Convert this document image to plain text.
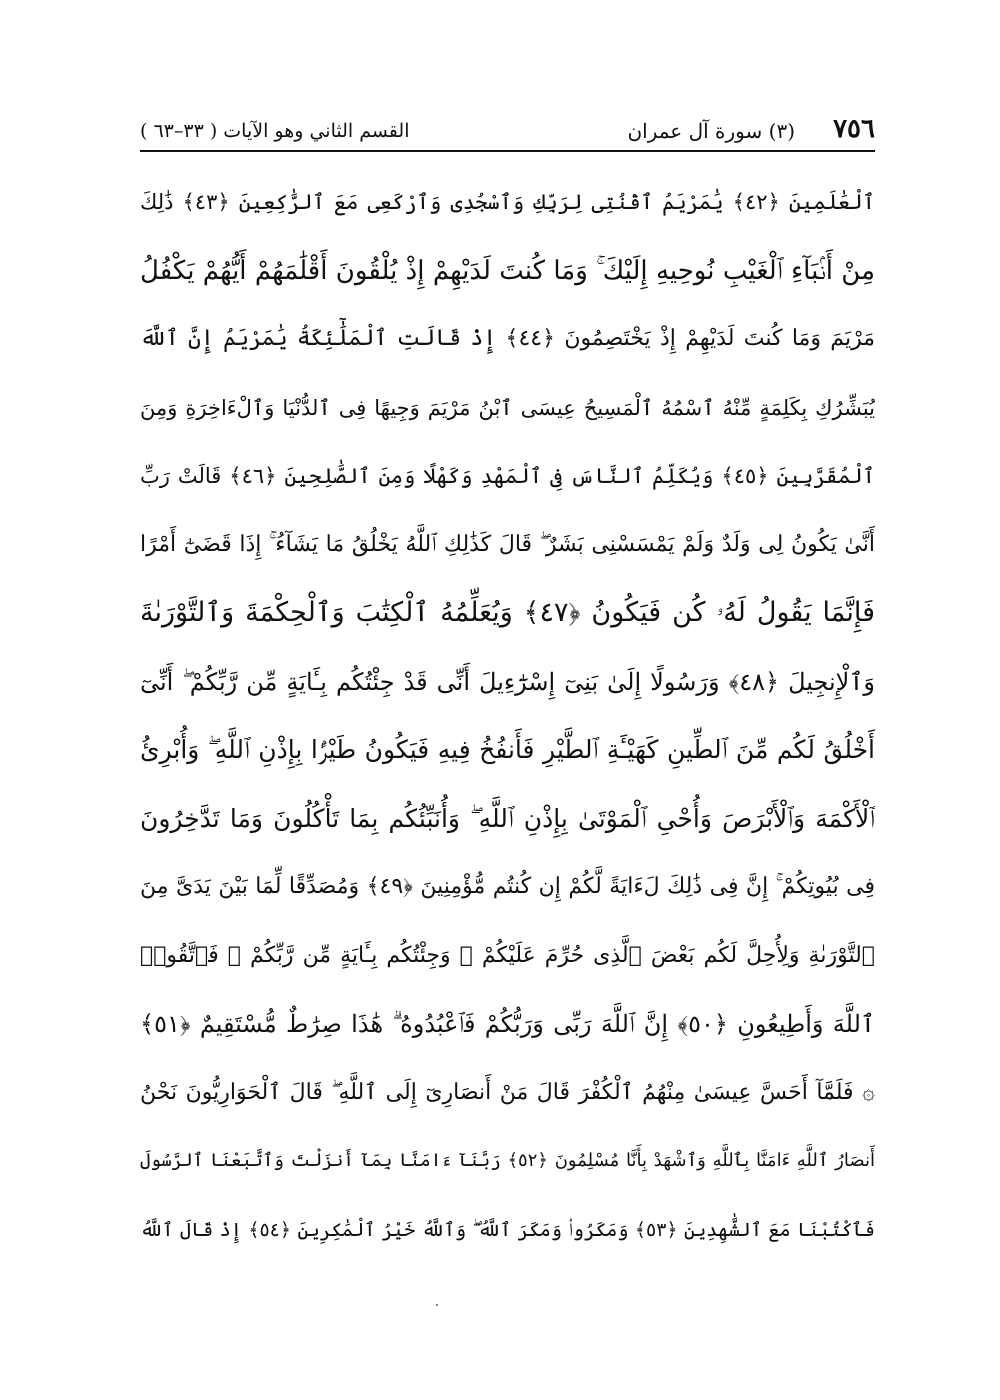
٧٥٦
(٣) سورة آل عمران
القسم الثاني وهو الآيات ( ٣٣–٦٣ )
ٱلْعَٰلَمِينَ ﴿٤٢﴾ يَٰمَرْيَمُ ٱقْنُتِى لِرَبِّكِ وَٱسْجُدِى وَٱرْكَعِى مَعَ ٱلرَّٰكِعِينَ ﴿٤٣﴾ ذَٰلِكَ
مِنْ أَنۢبَآءِ ٱلْغَيْبِ نُوحِيهِ إِلَيْكَ ۚ وَمَا كُنتَ لَدَيْهِمْ إِذْ يُلْقُونَ أَقْلَٰمَهُمْ أَيُّهُمْ يَكْفُلُ
مَرْيَمَ وَمَا كُنتَ لَدَيْهِمْ إِذْ يَخْتَصِمُونَ ﴿٤٤﴾ إِذْ قَالَتِ ٱلْمَلَٰٓئِكَةُ يَٰمَرْيَمُ إِنَّ ٱللَّهَ
يُبَشِّرُكِ بِكَلِمَةٍ مِّنْهُ ٱسْمُهُ ٱلْمَسِيحُ عِيسَى ٱبْنُ مَرْيَمَ وَجِيهًا فِى ٱلدُّنْيَا وَٱلْءَاخِرَةِ وَمِنَ
ٱلْمُقَرَّبِينَ ﴿٤٥﴾ وَيُكَلِّمُ ٱلنَّاسَ فِى ٱلْمَهْدِ وَكَهْلًا وَمِنَ ٱلصَّٰلِحِينَ ﴿٤٦﴾ قَالَتْ رَبِّ
أَنَّىٰ يَكُونُ لِى وَلَدٌ وَلَمْ يَمْسَسْنِى بَشَرٌ ۖ قَالَ كَذَٰلِكِ ٱللَّهُ يَخْلُقُ مَا يَشَآءُ ۚ إِذَا قَضَىٰٓ أَمْرًا
فَإِنَّمَا يَقُولُ لَهُۥ كُن فَيَكُونُ ﴿٤٧﴾ وَيُعَلِّمُهُ ٱلْكِتَٰبَ وَٱلْحِكْمَةَ وَٱلتَّوْرَىٰةَ
وَٱلْإِنجِيلَ ﴿٤٨﴾ وَرَسُولًا إِلَىٰ بَنِىٓ إِسْرَٰٓءِيلَ أَنِّى قَدْ جِئْتُكُم بِـَٔايَةٍ مِّن رَّبِّكُمْ ۖ أَنِّىٓ
أَخْلُقُ لَكُم مِّنَ ٱلطِّينِ كَهَيْـَٔةِ ٱلطَّيْرِ فَأَنفُخُ فِيهِ فَيَكُونُ طَيْرًۢا بِإِذْنِ ٱللَّهِ ۖ وَأُبْرِئُ
ٱلْأَكْمَهَ وَٱلْأَبْرَصَ وَأُحْىِ ٱلْمَوْتَىٰ بِإِذْنِ ٱللَّهِ ۖ وَأُنَبِّئُكُم بِمَا تَأْكُلُونَ وَمَا تَدَّخِرُونَ
فِى بُيُوتِكُمْ ۚ إِنَّ فِى ذَٰلِكَ لَءَايَةً لَّكُمْ إِن كُنتُم مُّؤْمِنِينَ ﴿٤٩﴾ وَمُصَدِّقًا لِّمَا بَيْنَ يَدَىَّ مِنَ
ٱلتَّوْرَىٰةِ وَلِأُحِلَّ لَكُم بَعْضَ ٱلَّذِى حُرِّمَ عَلَيْكُمْ ۚ وَجِئْتُكُم بِـَٔايَةٍ مِّن رَّبِّكُمْ ۖ فَٱتَّقُوا۟
ٱللَّهَ وَأَطِيعُونِ ﴿٥٠﴾ إِنَّ ٱللَّهَ رَبِّى وَرَبُّكُمْ فَٱعْبُدُوهُ ۗ هَٰذَا صِرَٰطٌ مُّسْتَقِيمٌ ﴿٥١﴾
۞ فَلَمَّآ أَحَسَّ عِيسَىٰ مِنْهُمُ ٱلْكُفْرَ قَالَ مَنْ أَنصَارِىٓ إِلَى ٱللَّهِ ۖ قَالَ ٱلْحَوَارِيُّونَ نَحْنُ
أَنصَارُ ٱللَّهِ ءَامَنَّا بِٱللَّهِ وَٱشْهَدْ بِأَنَّا مُسْلِمُونَ ﴿٥٢﴾ رَبَّنَآ ءَامَنَّا بِمَآ أَنزَلْتَ وَٱتَّبَعْنَا ٱلرَّسُولَ
فَٱكْتُبْنَا مَعَ ٱلشَّٰهِدِينَ ﴿٥٣﴾ وَمَكَرُوا۟ وَمَكَرَ ٱللَّهُ ۖ وَٱللَّهُ خَيْرُ ٱلْمَٰكِرِينَ ﴿٥٤﴾ إِذْ قَالَ ٱللَّهُ
